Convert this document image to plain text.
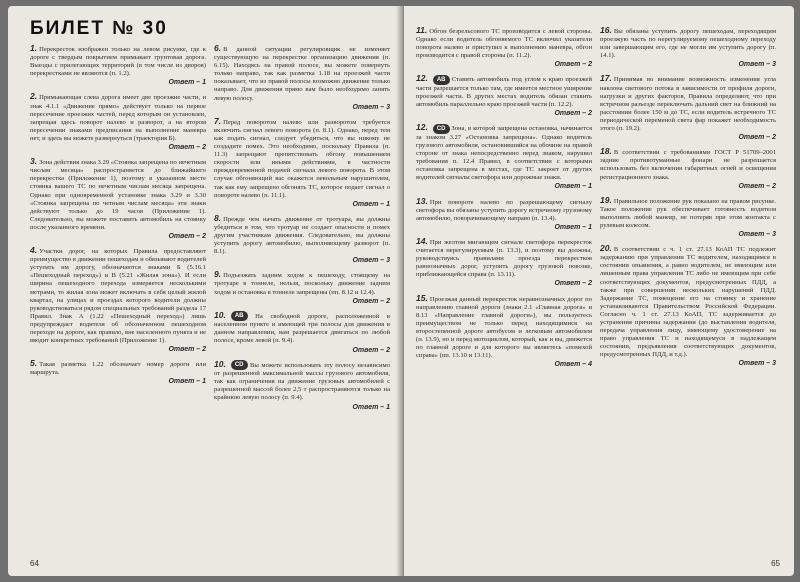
БИЛЕТ № 30
1. Перекресток изображен только на левом рисунке, где к дороге с твердым покрытием примыкает грунтовая дорога. Выезды с прилегающих территорий (в том числе из дворов) перекрестками не являются (п. 1.2).
Ответ – 1
2. Примыкающая слева дорога имеет две проезжие части, и знак 4.1.1 «Движение прямо» действует только на первое пересечение проезжих частей, перед которым он установлен, запрещая здесь поворот налево и разворот, а на втором пересечении знаками предписания на выполнение маневра нет, и здесь вы можете развернуться (траектория Б).
Ответ – 2
3. Зона действия знака 3.29 «Стоянка запрещена по нечетным числам месяца» распространяется до ближайшего перекрестка (Приложение 1), поэтому в указанном месте стоянка вашего ТС по нечетным числам месяца запрещена. Однако при одновременной установке знака 3.29 и 3.30 «Стоянка запрещена по четным числам месяца» эти знаки действуют только до 19 часов (Приложение 1). Следовательно, вы можете поставить автомобиль на стоянку после указанного времени.
Ответ – 2
4. Участки дорог, на которых Правила предоставляют преимущество в движении пешеходам и обязывают водителей уступать им дорогу, обозначаются знаками Б (5.16.1 «Пешеходный переход») и В (5.21 «Жилая зона»). И если ширина пешеходного перехода измеряется несколькими метрами, то жилая зона может включать в себя целый жилой квартал, на улицах и проездах которого водители должны руководствоваться рядом специальных требований раздела 17 Правил. Знак А (1.22 «Пешеходный переход») лишь предупреждает водителя об обозначенном пешеходном переходе на дороге, как правило, вне населенного пункта и не вводит конкретных требований (Приложение 1).
Ответ – 2
5. Такая разметка 1.22 обозначает номер дороги или маршрута.
Ответ – 1
6. В данной ситуации регулировщик не изменяет существующую на перекрестке организацию движения (п. 6.15). Находясь на правой полосе, вы можете повернуть только направо, так как разметка 1.18 на проезжей части показывает, что из правой полосы возможно движение только направо. Для движения прямо вам было необходимо занять левую полосу.
Ответ – 3
7. Перед поворотом налево или разворотом требуется включить сигнал левого поворота (п. 8.1). Однако, перед тем как подать сигнал, следует убедиться, что вы никому не создадите помех. Это необходимо, поскольку Правила (п. 11.3) запрещают препятствовать обгону повышением скорости или иными действиями, в частности преждевременной подачей сигнала левого поворота. В этом случае обгоняющий вас окажется невольным нарушителем, так как ему запрещено обгонять ТС, которое подает сигнал о повороте налево (п. 11.1).
Ответ – 1
8. Прежде чем начать движение от тротуара, вы должны убедиться в том, что тротуар не создает опасности и помех другим участникам движения. Следовательно, вы должны уступить дорогу автомобилю, выполняющему разворот (п. 8.1).
Ответ – 3
9. Подъезжать задним ходом к пешеходу, стоящему на тротуаре в тоннеле, нельзя, поскольку движение задним ходом и остановка в тоннеле запрещены (пп. 8.12 и 12.4).
Ответ – 2
10. AB На свободной дороге, расположенной в населенном пункте и имеющей три полосы для движения в данном направлении, вам разрешается двигаться по любой полосе, кроме левой (п. 9.4).
Ответ – 2
10. CD Вы можете использовать эту полосу независимо от разрешенной максимальной массы грузового автомобиля, так как ограничения на движение грузовых автомобилей с разрешенной массой более 2,5 т распространяются только на крайнюю левую полосу (п. 9.4).
Ответ – 1
64
11. Обгон безрельсового ТС производится с левой стороны. Однако если водитель обгоняемого ТС включил указатели поворота налево и приступил к выполнению маневра, обгон производится с правой стороны (п. 11.2).
Ответ – 2
12. AB Ставить автомобиль под углом к краю проезжей части разрешается только там, где имеется местное уширение проезжей части. В других местах водитель обязан ставить автомобиль параллельно краю проезжей части (п. 12.2).
Ответ – 2
12. CD Зона, в которой запрещена остановка, начинается за знаком 3.27 «Остановка запрещена». Однако водитель грузового автомобиля, остановившийся на обочине на правой стороне от знака непосредственно перед знаком, нарушил требования п. 12.4 Правил, в соответствии с которыми остановка запрещена в местах, где ТС закроет от других водителей сигналы светофора или дорожные знаки.
Ответ – 1
13. При повороте налево по разрешающему сигналу светофора вы обязаны уступить дорогу встречному грузовому автомобилю, поворачивающему направо (п. 13.4).
Ответ – 1
14. При желтом мигающем сигнале светофора перекресток считается нерегулируемым (п. 13.3), и поэтому вы должны, руководствуясь правилами проезда перекрестков равнозначных дорог, уступить дорогу грузовой повозке, приближающейся справа (п. 13.11).
Ответ – 2
15. Проезжая данный перекресток неравнозначных дорог по направлению главной дороги (знаки 2.1 «Главная дорога» и 8.13 «Направление главной дороги»), вы пользуетесь преимуществом не только перед находящимися на второстепенной дороге автобусом и легковым автомобилем (п. 13.9), но и перед мотоциклом, который, как и вы, движется по главной дороге и для которого вы являетесь «помехой справа» (пп. 13.10 и 13.11).
Ответ – 4
16. Вы обязаны уступить дорогу пешеходам, переходящим проезжую часть по нерегулируемому пешеходному переходу или завершающим его, где не могли им уступить дорогу (п. 14.1).
Ответ – 3
17. Принимая во внимание возможность изменения угла наклона светового потока в зависимости от профиля дороги, нагрузки и других факторов, Правила определяют, что при встречном разъезде переключать дальний свет на ближний на расстоянии более 150 м до ТС, если водитель встречного ТС периодической переменой света фар покажет необходимость этого (п. 19.2).
Ответ – 2
18. В соответствии с требованиями ГОСТ Р 51709–2001 задние противотуманные фонари не разрешается использовать без включения габаритных огней и освещения регистрационного знака.
Ответ – 2
19. Правильное положение рук показано на правом рисунке. Такое положение рук обеспечивает готовность водителя выполнить любой маневр, не потеряв при этом контакта с рулевым колесом.
Ответ – 3
20. В соответствии с ч. 1 ст. 27.13 КоАП ТС подлежит задержанию при управлении ТС водителем, находящимся в состоянии опьянения, а равно водителем, не имеющим или лишенным права управления ТС либо не имеющим при себе соответствующих документов, предусмотренных ПДД, а также при совершении нескольких нарушений ПДД. Задержание ТС, помещение его на стоянку и хранение устанавливаются Правительством Российской Федерации. Согласно ч. 1 ст. 27.13 КоАП, ТС задерживается до устранения причины задержания (до выставления водителя, передача управления лицу, имеющему удостоверение на право управления ТС и находящемуся в надлежащем состоянии, предъявления соответствующих документов, предусмотренных ПДД, и т.д.).
Ответ – 3
65
